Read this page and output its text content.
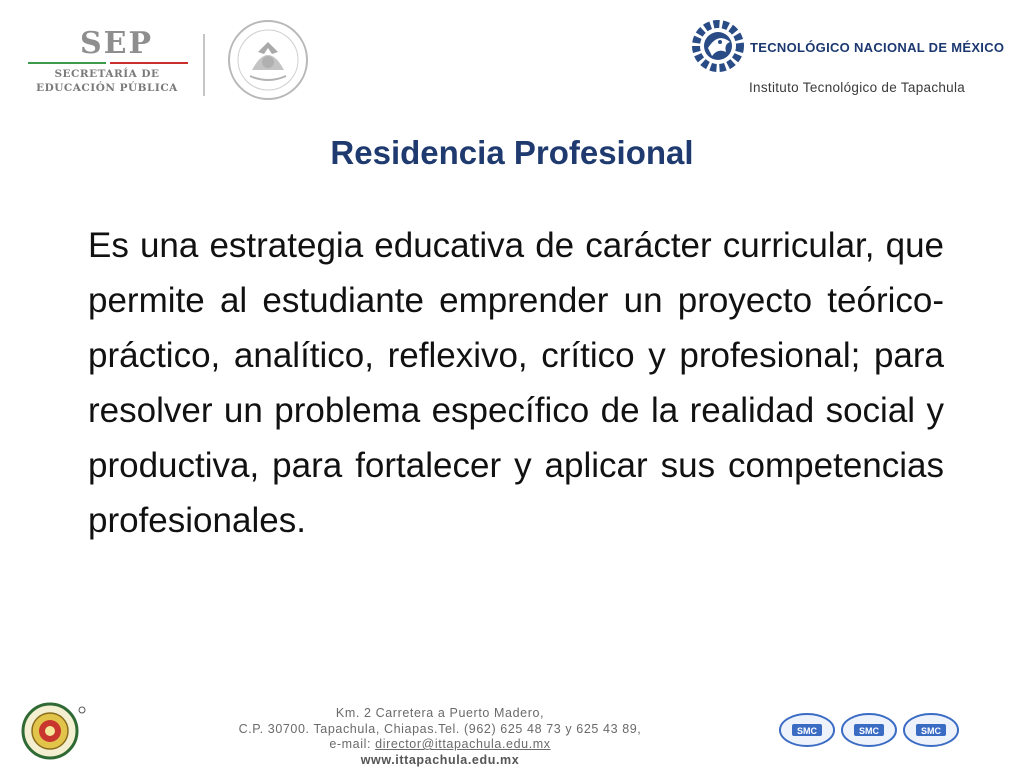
SEP
SECRETARÍA DE
EDUCACIÓN PÚBLICA
TECNOLÓGICO NACIONAL DE MÉXICO
Instituto Tecnológico de Tapachula
Residencia Profesional
Es una estrategia educativa de carácter curricular, que permite al estudiante emprender un proyecto teórico-práctico, analítico, reflexivo, crítico y profesional; para resolver un problema específico de la realidad social y productiva, para fortalecer y aplicar sus competencias profesionales.
Km. 2 Carretera a Puerto Madero,
C.P. 30700. Tapachula, Chiapas.Tel. (962) 625 48 73 y 625 43 89,
e-mail: director@ittapachula.edu.mx
www.ittapachula.edu.mx
SMC	SMC	SMC
